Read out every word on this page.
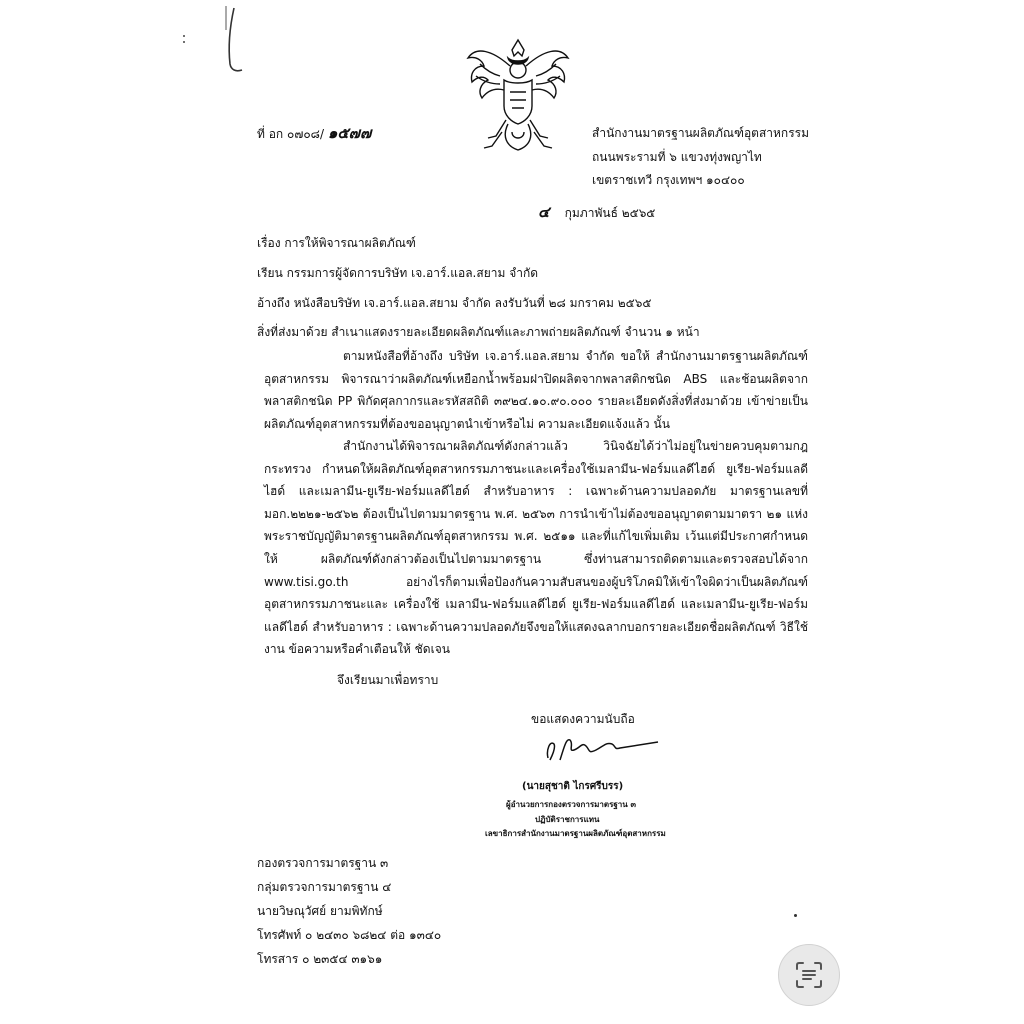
ที่ อก ๐๗๐๘/ ๑๕๗๗	สำนักงานมาตรฐานผลิตภัณฑ์อุตสาหกรรม
ถนนพระรามที่ ๖ แขวงทุ่งพญาไท
เขตราชเทวี กรุงเทพฯ ๑๐๔๐๐
๔ กุมภาพันธ์ ๒๕๖๕
เรื่อง การให้พิจารณาผลิตภัณฑ์
เรียน กรรมการผู้จัดการบริษัท เจ.อาร์.แอล.สยาม จำกัด
อ้างถึง หนังสือบริษัท เจ.อาร์.แอล.สยาม จำกัด ลงรับวันที่ ๒๘ มกราคม ๒๕๖๕
สิ่งที่ส่งมาด้วย สำเนาแสดงรายละเอียดผลิตภัณฑ์และภาพถ่ายผลิตภัณฑ์ จำนวน ๑ หน้า
ตามหนังสือที่อ้างถึง บริษัท เจ.อาร์.แอล.สยาม จำกัด ขอให้ สำนักงานมาตรฐานผลิตภัณฑ์ อุตสาหกรรม พิจารณาว่าผลิตภัณฑ์เหยือกน้ำพร้อมฝาปิดผลิตจากพลาสติกชนิด ABS และช้อนผลิตจาก พลาสติกชนิด PP พิกัดศุลกากรและรหัสสถิติ ๓๙๒๔.๑๐.๙๐.๐๐๐ รายละเอียดดังสิ่งที่ส่งมาด้วย เข้าข่ายเป็น ผลิตภัณฑ์อุตสาหกรรมที่ต้องขออนุญาตนำเข้าหรือไม่ ความละเอียดแจ้งแล้ว นั้น
สำนักงานได้พิจารณาผลิตภัณฑ์ดังกล่าวแล้ว วินิจฉัยได้ว่าไม่อยู่ในข่ายควบคุมตามกฎกระทรวง กำหนดให้ผลิตภัณฑ์อุตสาหกรรมภาชนะและเครื่องใช้เมลามีน-ฟอร์มแลดีไฮด์ ยูเรีย-ฟอร์มแลดีไฮด์ และเมลามีน-ยูเรีย-ฟอร์มแลดีไฮด์ สำหรับอาหาร : เฉพาะด้านความปลอดภัย มาตรฐานเลขที่ มอก.๒๒๒๑-๒๕๖๒ ต้องเป็นไปตามมาตรฐาน พ.ศ. ๒๕๖๓ การนำเข้าไม่ต้องขออนุญาตตามมาตรา ๒๑ แห่ง พระราชบัญญัติมาตรฐานผลิตภัณฑ์อุตสาหกรรม พ.ศ. ๒๕๑๑ และที่แก้ไขเพิ่มเติม เว้นแต่มีประกาศกำหนดให้ ผลิตภัณฑ์ดังกล่าวต้องเป็นไปตามมาตรฐาน ซึ่งท่านสามารถติดตามและตรวจสอบได้จาก www.tisi.go.th อย่างไรก็ตามเพื่อป้องกันความสับสนของผู้บริโภคมิให้เข้าใจผิดว่าเป็นผลิตภัณฑ์อุตสาหกรรมภาชนะและ เครื่องใช้ เมลามีน-ฟอร์มแลดีไฮด์ ยูเรีย-ฟอร์มแลดีไฮด์ และเมลามีน-ยูเรีย-ฟอร์มแลดีไฮด์ สำหรับอาหาร : เฉพาะด้านความปลอดภัยจึงขอให้แสดงฉลากบอกรายละเอียดชื่อผลิตภัณฑ์ วิธีใช้งาน ข้อความหรือคำเตือนให้ ชัดเจน
จึงเรียนมาเพื่อทราบ
ขอแสดงความนับถือ
(นายสุชาติ ไกรศรีบรร)
ผู้อำนวยการกองตรวจการมาตรฐาน ๓
ปฏิบัติราชการแทน
เลขาธิการสำนักงานมาตรฐานผลิตภัณฑ์อุตสาหกรรม
กองตรวจการมาตรฐาน ๓
กลุ่มตรวจการมาตรฐาน ๔
นายวิษณุวัศย์ ยามพิทักษ์
โทรศัพท์ ๐ ๒๔๓๐ ๖๘๒๔ ต่อ ๑๓๔๐
โทรสาร ๐ ๒๓๕๔ ๓๑๖๑
